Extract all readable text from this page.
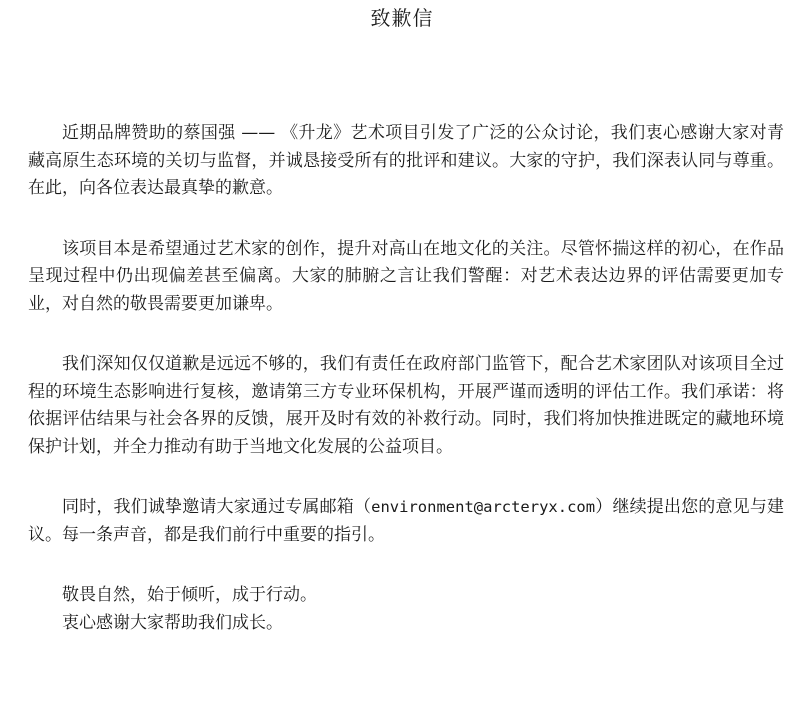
致歉信

近期品牌赞助的蔡国强 —— 《升龙》艺术项目引发了广泛的公众讨论，我们衷心感谢大家对青藏高原生态环境的关切与监督，并诚恳接受所有的批评和建议。大家的守护，我们深表认同与尊重。在此，向各位表达最真挚的歉意。

该项目本是希望通过艺术家的创作，提升对高山在地文化的关注。尽管怀揣这样的初心，在作品呈现过程中仍出现偏差甚至偏离。大家的肺腑之言让我们警醒：对艺术表达边界的评估需要更加专业，对自然的敬畏需要更加谦卑。

我们深知仅仅道歉是远远不够的，我们有责任在政府部门监管下，配合艺术家团队对该项目全过程的环境生态影响进行复核，邀请第三方专业环保机构，开展严谨而透明的评估工作。我们承诺：将依据评估结果与社会各界的反馈，展开及时有效的补救行动。同时，我们将加快推进既定的藏地环境保护计划，并全力推动有助于当地文化发展的公益项目。

同时，我们诚挚邀请大家通过专属邮箱（environment@arcteryx.com）继续提出您的意见与建议。每一条声音，都是我们前行中重要的指引。

敬畏自然，始于倾听，成于行动。
衷心感谢大家帮助我们成长。
